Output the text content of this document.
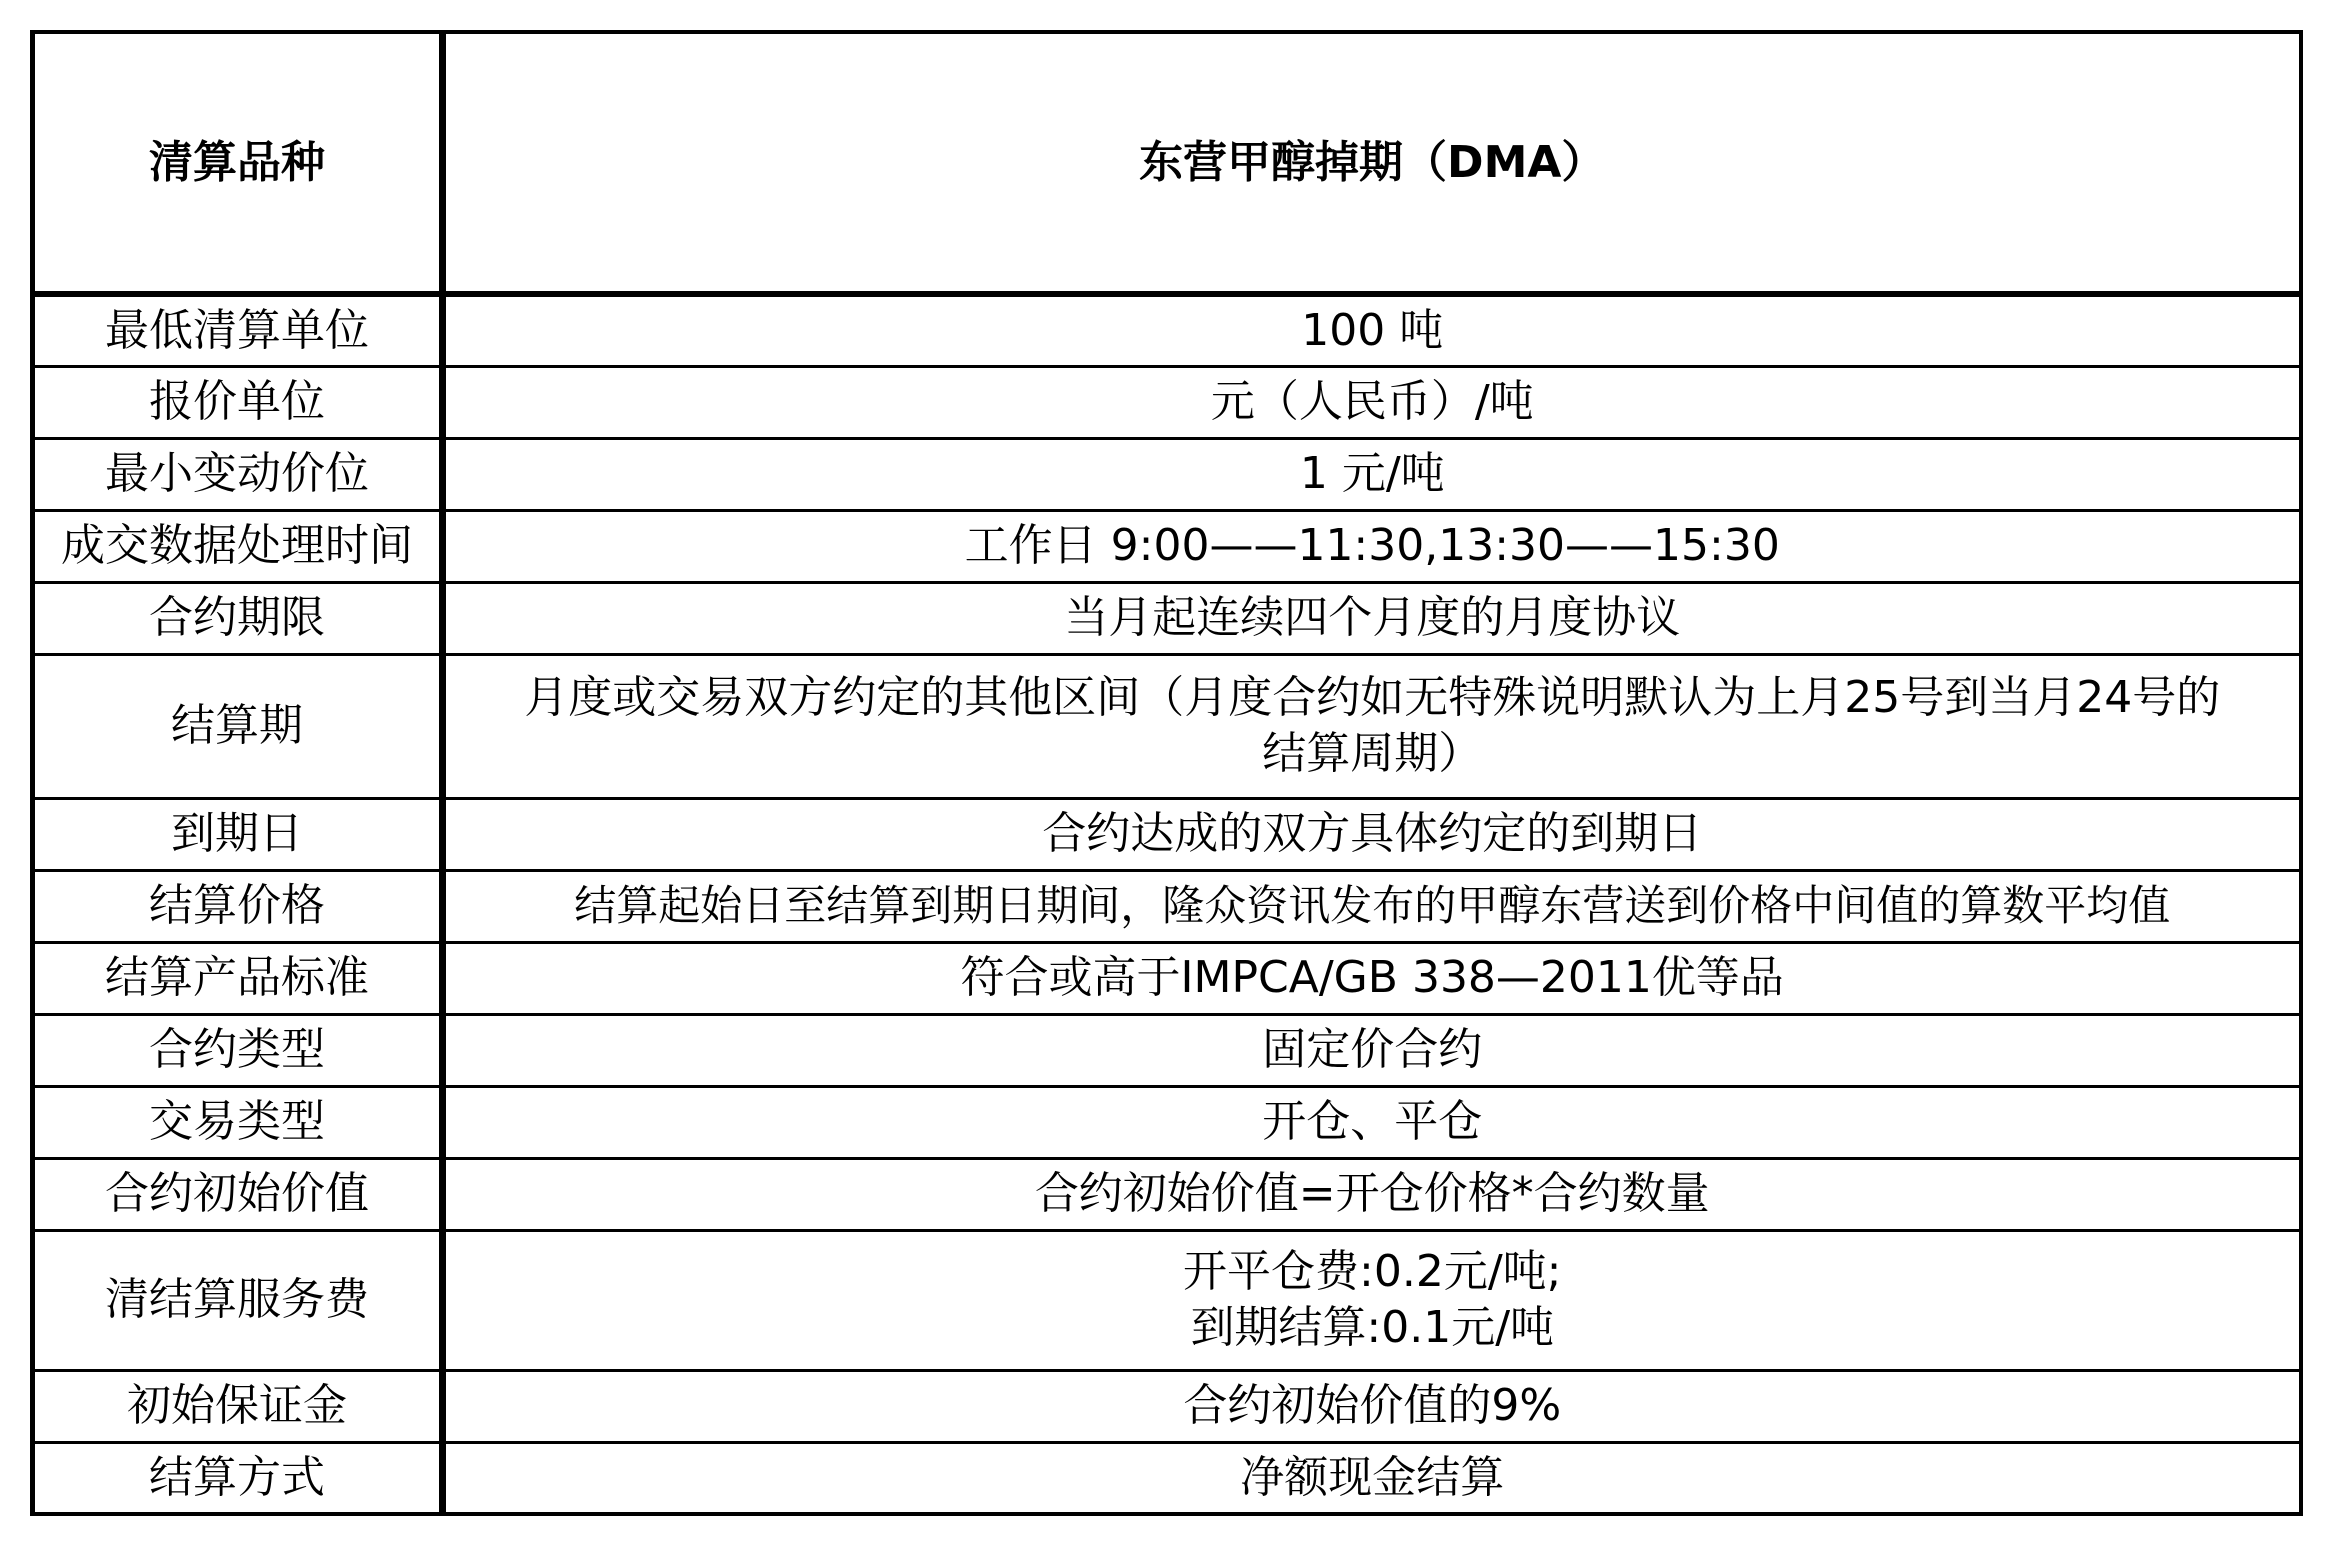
清算品种	东营甲醇掉期（DMA）
最低清算单位	100 吨
报价单位	元（人民币）/吨
最小变动价位	1 元/吨
成交数据处理时间	工作日 9:00——11:30,13:30——15:30
合约期限	当月起连续四个月度的月度协议
结算期	月度或交易双方约定的其他区间（月度合约如无特殊说明默认为上月25号到当月24号的
结算周期）

到期日	合约达成的双方具体约定的到期日
结算价格	结算起始日至结算到期日期间，隆众资讯发布的甲醇东营送到价格中间值的算数平均值
结算产品标准	符合或高于IMPCA/GB 338—2011优等品
合约类型	固定价合约
交易类型	开仓、平仓
合约初始价值	合约初始价值=开仓价格*合约数量
清结算服务费	开平仓费:0.2元/吨;
到期结算:0.1元/吨

初始保证金	合约初始价值的9%
结算方式	净额现金结算
